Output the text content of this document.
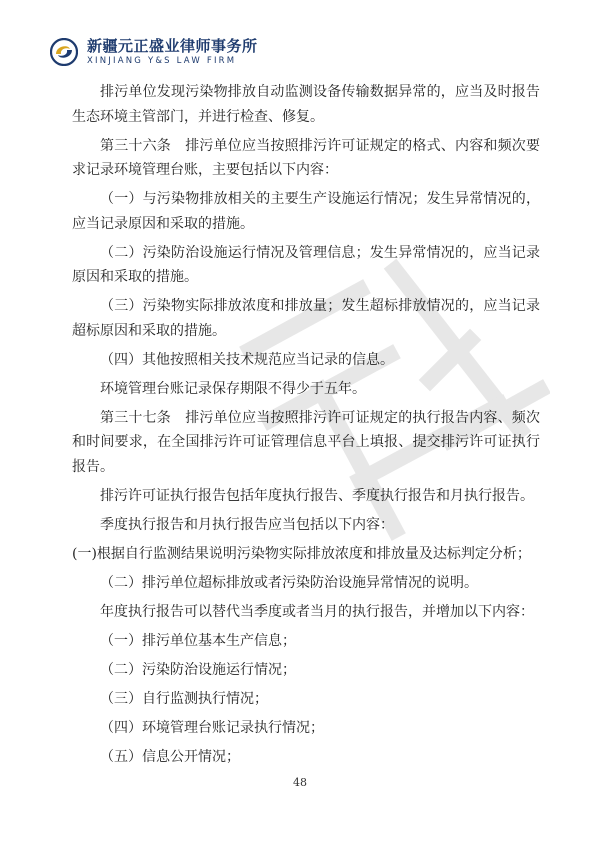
新疆元正盛业律师事务所
XINJIANG Y&S LAW FIRM

排污单位发现污染物排放自动监测设备传输数据异常的，应当及时报告生态环境主管部门，并进行检查、修复。

第三十六条　排污单位应当按照排污许可证规定的格式、内容和频次要求记录环境管理台账，主要包括以下内容：

（一）与污染物排放相关的主要生产设施运行情况；发生异常情况的，应当记录原因和采取的措施。

（二）污染防治设施运行情况及管理信息；发生异常情况的，应当记录原因和采取的措施。

（三）污染物实际排放浓度和排放量；发生超标排放情况的，应当记录超标原因和采取的措施。

（四）其他按照相关技术规范应当记录的信息。

环境管理台账记录保存期限不得少于五年。

第三十七条　排污单位应当按照排污许可证规定的执行报告内容、频次和时间要求，在全国排污许可证管理信息平台上填报、提交排污许可证执行报告。

排污许可证执行报告包括年度执行报告、季度执行报告和月执行报告。

季度执行报告和月执行报告应当包括以下内容：

(一)根据自行监测结果说明污染物实际排放浓度和排放量及达标判定分析；

（二）排污单位超标排放或者污染防治设施异常情况的说明。

年度执行报告可以替代当季度或者当月的执行报告，并增加以下内容：

（一）排污单位基本生产信息；

（二）污染防治设施运行情况；

（三）自行监测执行情况；

（四）环境管理台账记录执行情况；

（五）信息公开情况；

48
